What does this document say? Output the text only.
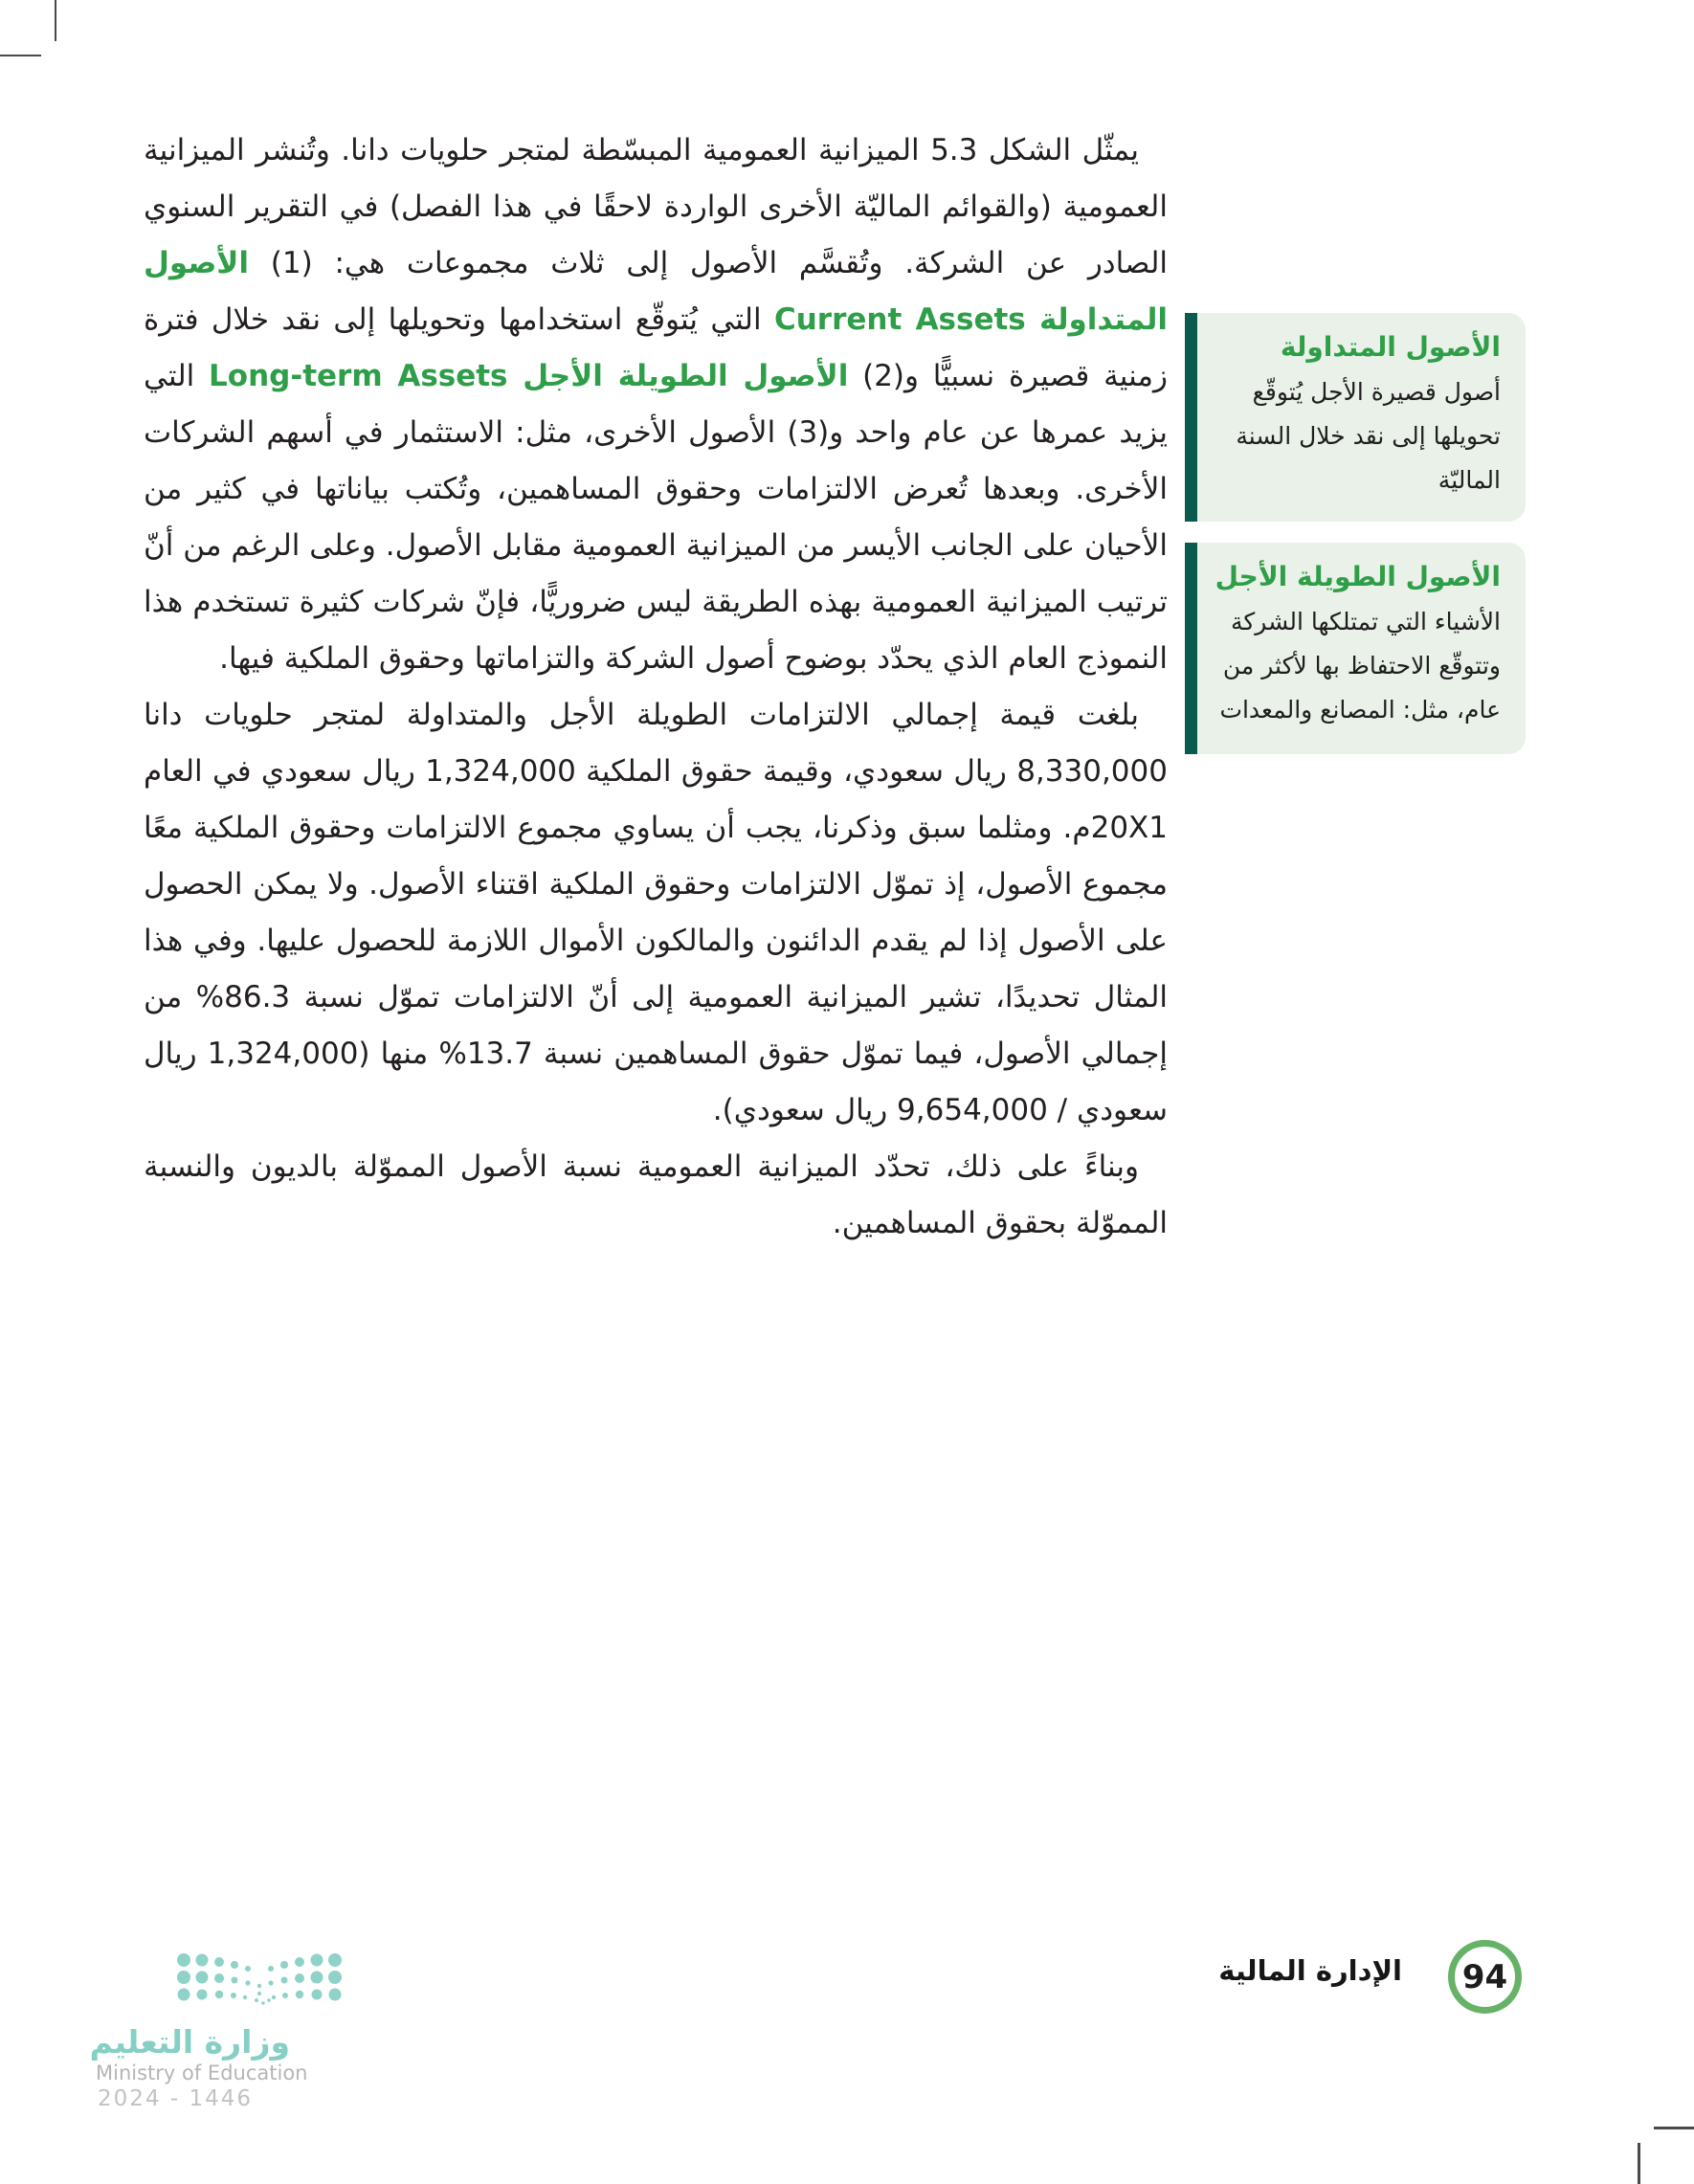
يمثّل الشكل 5.3 الميزانية العمومية المبسّطة لمتجر حلويات دانا. وتُنشر الميزانية العمومية (والقوائم الماليّة الأخرى الواردة لاحقًا في هذا الفصل) في التقرير السنوي الصادر عن الشركة. وتُقسَّم الأصول إلى ثلاث مجموعات هي: (1) الأصول المتداولة Current Assets التي يُتوقّع استخدامها وتحويلها إلى نقد خلال فترة زمنية قصيرة نسبيًّا و(2) الأصول الطويلة الأجل Long-term Assets التي يزيد عمرها عن عام واحد و(3) الأصول الأخرى، مثل: الاستثمار في أسهم الشركات الأخرى. وبعدها تُعرض الالتزامات وحقوق المساهمين، وتُكتب بياناتها في كثير من الأحيان على الجانب الأيسر من الميزانية العمومية مقابل الأصول. وعلى الرغم من أنّ ترتيب الميزانية العمومية بهذه الطريقة ليس ضروريًّا، فإنّ شركات كثيرة تستخدم هذا النموذج العام الذي يحدّد بوضوح أصول الشركة والتزاماتها وحقوق الملكية فيها.

بلغت قيمة إجمالي الالتزامات الطويلة الأجل والمتداولة لمتجر حلويات دانا 8,330,000 ريال سعودي، وقيمة حقوق الملكية 1,324,000 ريال سعودي في العام 20X1م. ومثلما سبق وذكرنا، يجب أن يساوي مجموع الالتزامات وحقوق الملكية معًا مجموع الأصول، إذ تموّل الالتزامات وحقوق الملكية اقتناء الأصول. ولا يمكن الحصول على الأصول إذا لم يقدم الدائنون والمالكون الأموال اللازمة للحصول عليها. وفي هذا المثال تحديدًا، تشير الميزانية العمومية إلى أنّ الالتزامات تموّل نسبة 86.3% من إجمالي الأصول، فيما تموّل حقوق المساهمين نسبة 13.7% منها (1,324,000 ريال سعودي / 9,654,000 ريال سعودي).

وبناءً على ذلك، تحدّد الميزانية العمومية نسبة الأصول المموّلة بالديون والنسبة المموّلة بحقوق المساهمين.

الأصول المتداولة

أصول قصيرة الأجل يُتوقّع تحويلها إلى نقد خلال السنة الماليّة

الأصول الطويلة الأجل

الأشياء التي تمتلكها الشركة وتتوقّع الاحتفاظ بها لأكثر من عام، مثل: المصانع والمعدات

94
الإدارة المالية
وزارة التعليم
Ministry of Education
2024 - 1446
